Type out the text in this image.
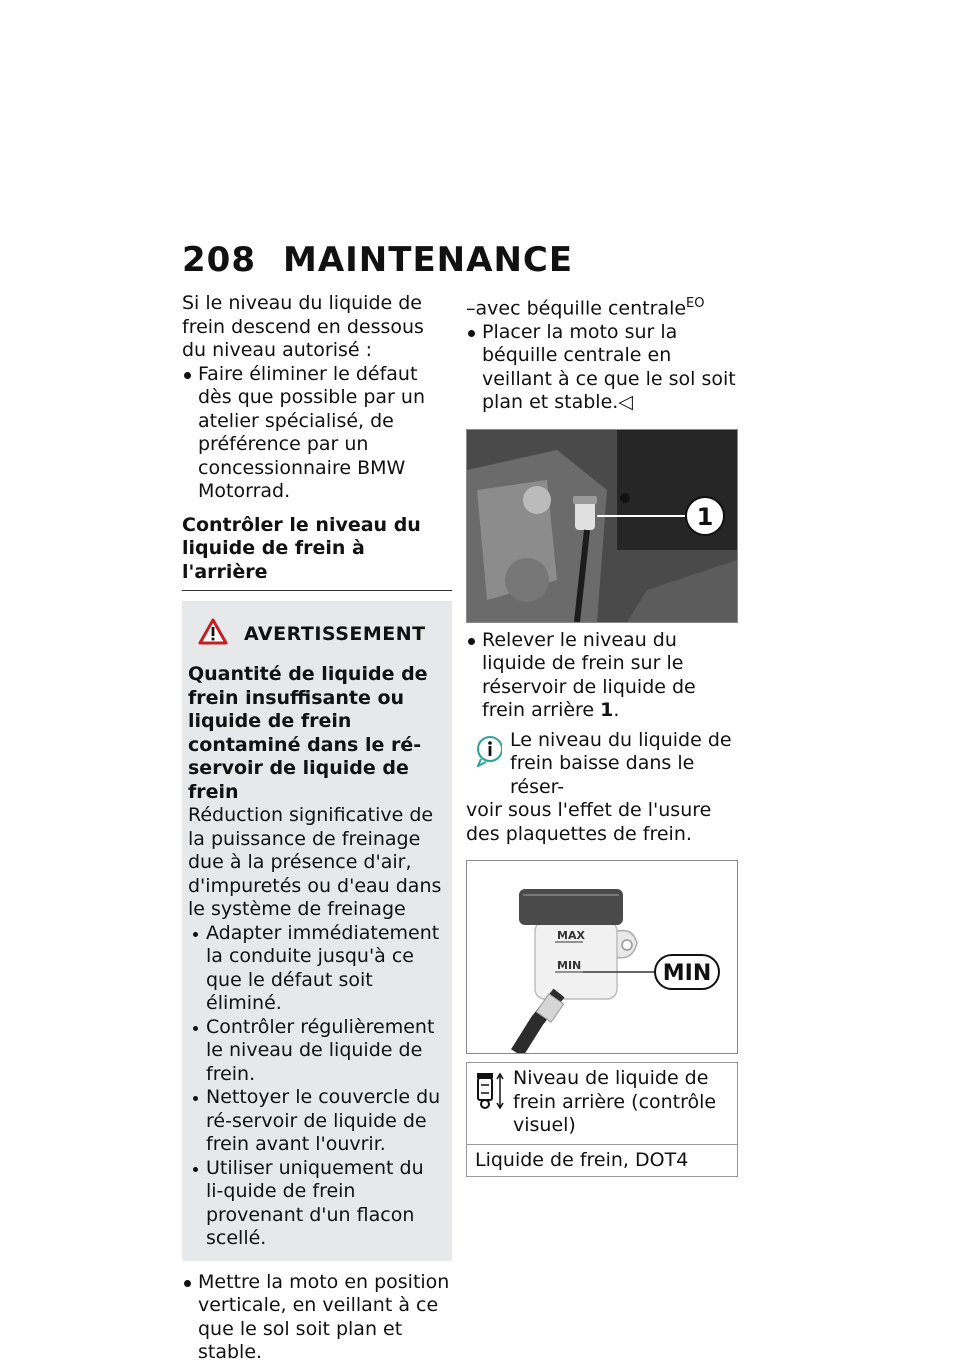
208 MAINTENANCE

Si le niveau du liquide de frein descend en dessous du niveau autorisé :

Faire éliminer le défaut dès que possible par un atelier spécialisé, de préférence par un concessionnaire BMW Motorrad.

Contrôler le niveau du liquide de frein à l'arrière

AVERTISSEMENT

Quantité de liquide de frein insuffisante ou liquide de frein contaminé dans le ré-servoir de liquide de frein

Réduction significative de la puissance de freinage due à la présence d'air, d'impuretés ou d'eau dans le système de freinage

Adapter immédiatement la conduite jusqu'à ce que le défaut soit éliminé.

Contrôler régulièrement le niveau de liquide de frein.

Nettoyer le couvercle du ré-servoir de liquide de frein avant l'ouvrir.

Utiliser uniquement du li-quide de frein provenant d'un flacon scellé.

Mettre la moto en position verticale, en veillant à ce que le sol soit plan et stable.

–avec béquille centrale$^{EO}$

Placer la moto sur la béquille centrale en veillant à ce que le sol soit plan et stable.◁

1

Relever le niveau du liquide de frein sur le réservoir de liquide de frein arrière 1.

Le niveau du liquide de frein baisse dans le réser-
voir sous l'effet de l'usure des plaquettes de frein.
MAX
MIN	MIN
Niveau de liquide de frein arrière (contrôle visuel)
Liquide de frein, DOT4
